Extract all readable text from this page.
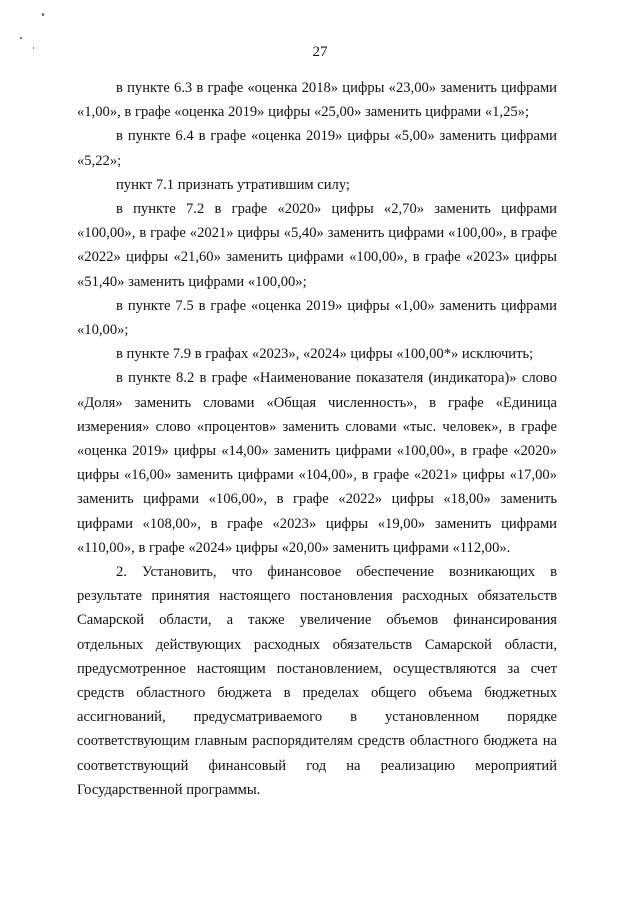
27

в пункте 6.3 в графе «оценка 2018» цифры «23,00» заменить цифрами «1,00», в графе «оценка 2019» цифры «25,00» заменить цифрами «1,25»;

в пункте 6.4 в графе «оценка 2019» цифры «5,00» заменить цифрами «5,22»;

пункт 7.1 признать утратившим силу;

в пункте 7.2 в графе «2020» цифры «2,70» заменить цифрами «100,00», в графе «2021» цифры «5,40» заменить цифрами «100,00», в графе «2022» цифры «21,60» заменить цифрами «100,00», в графе «2023» цифры «51,40» заменить цифрами «100,00»;

в пункте 7.5 в графе «оценка 2019» цифры «1,00» заменить цифрами «10,00»;

в пункте 7.9 в графах «2023», «2024» цифры «100,00*» исключить;

в пункте 8.2 в графе «Наименование показателя (индикатора)» слово «Доля» заменить словами «Общая численность», в графе «Единица измерения» слово «процентов» заменить словами «тыс. человек», в графе «оценка 2019» цифры «14,00» заменить цифрами «100,00», в графе «2020» цифры «16,00» заменить цифрами «104,00», в графе «2021» цифры «17,00» заменить цифрами «106,00», в графе «2022» цифры «18,00» заменить цифрами «108,00», в графе «2023» цифры «19,00» заменить цифрами «110,00», в графе «2024» цифры «20,00» заменить цифрами «112,00».

2. Установить, что финансовое обеспечение возникающих в результате принятия настоящего постановления расходных обязательств Самарской области, а также увеличение объемов финансирования отдельных действующих расходных обязательств Самарской области, предусмотренное настоящим постановлением, осуществляются за счет средств областного бюджета в пределах общего объема бюджетных ассигнований, предусматриваемого в установленном порядке соответствующим главным распорядителям средств областного бюджета на соответствующий финансовый год на реализацию мероприятий Государственной программы.
